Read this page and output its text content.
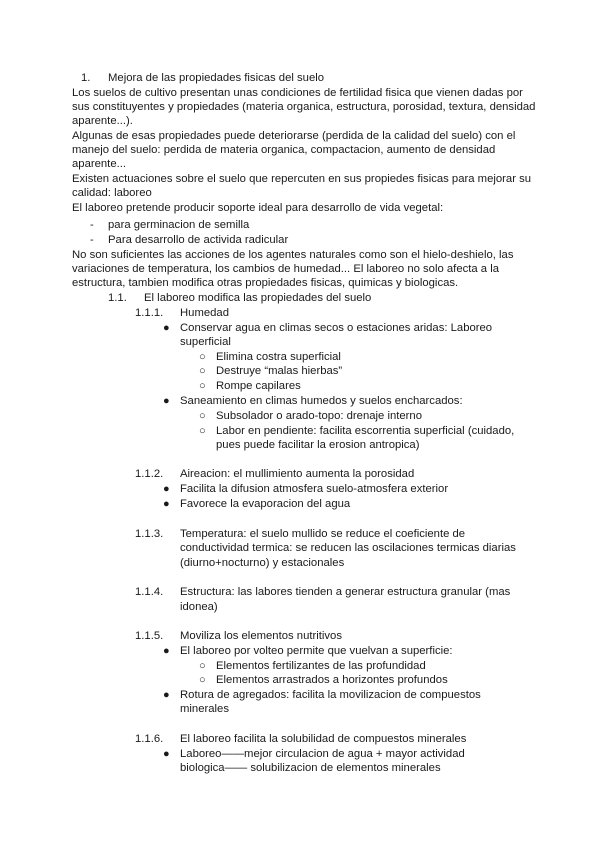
1. Mejora de las propiedades fisicas del suelo
Los suelos de cultivo presentan unas condiciones de fertilidad fisica que vienen dadas por
sus constituyentes y propiedades (materia organica, estructura, porosidad, textura, densidad
aparente...).
Algunas de esas propiedades puede deteriorarse (perdida de la calidad del suelo) con el
manejo del suelo: perdida de materia organica, compactacion, aumento de densidad
aparente...
Existen actuaciones sobre el suelo que repercuten en sus propiedes fisicas para mejorar su
calidad: laboreo
El laboreo pretende producir soporte ideal para desarrollo de vida vegetal:
- para germinacion de semilla
- Para desarrollo de activida radicular
No son suficientes las acciones de los agentes naturales como son el hielo-deshielo, las
variaciones de temperatura, los cambios de humedad... El laboreo no solo afecta a la
estructura, tambien modifica otras propiedades fisicas, quimicas y biologicas.
1.1. El laboreo modifica las propiedades del suelo
1.1.1. Humedad
● Conservar agua en climas secos o estaciones aridas: Laboreo
superficial
○ Elimina costra superficial
○ Destruye “malas hierbas”
○ Rompe capilares
● Saneamiento en climas humedos y suelos encharcados:
○ Subsolador o arado-topo: drenaje interno
○ Labor en pendiente: facilita escorrentia superficial (cuidado,
pues puede facilitar la erosion antropica)
1.1.2. Aireacion: el mullimiento aumenta la porosidad
● Facilita la difusion atmosfera suelo-atmosfera exterior
● Favorece la evaporacion del agua
1.1.3. Temperatura: el suelo mullido se reduce el coeficiente de
conductividad termica: se reducen las oscilaciones termicas diarias
(diurno+nocturno) y estacionales
1.1.4. Estructura: las labores tienden a generar estructura granular (mas
idonea)
1.1.5. Moviliza los elementos nutritivos
● El laboreo por volteo permite que vuelvan a superficie:
○ Elementos fertilizantes de las profundidad
○ Elementos arrastrados a horizontes profundos
● Rotura de agregados: facilita la movilizacion de compuestos
minerales
1.1.6. El laboreo facilita la solubilidad de compuestos minerales
● Laboreo——mejor circulacion de agua + mayor actividad
biologica—— solubilizacion de elementos minerales
